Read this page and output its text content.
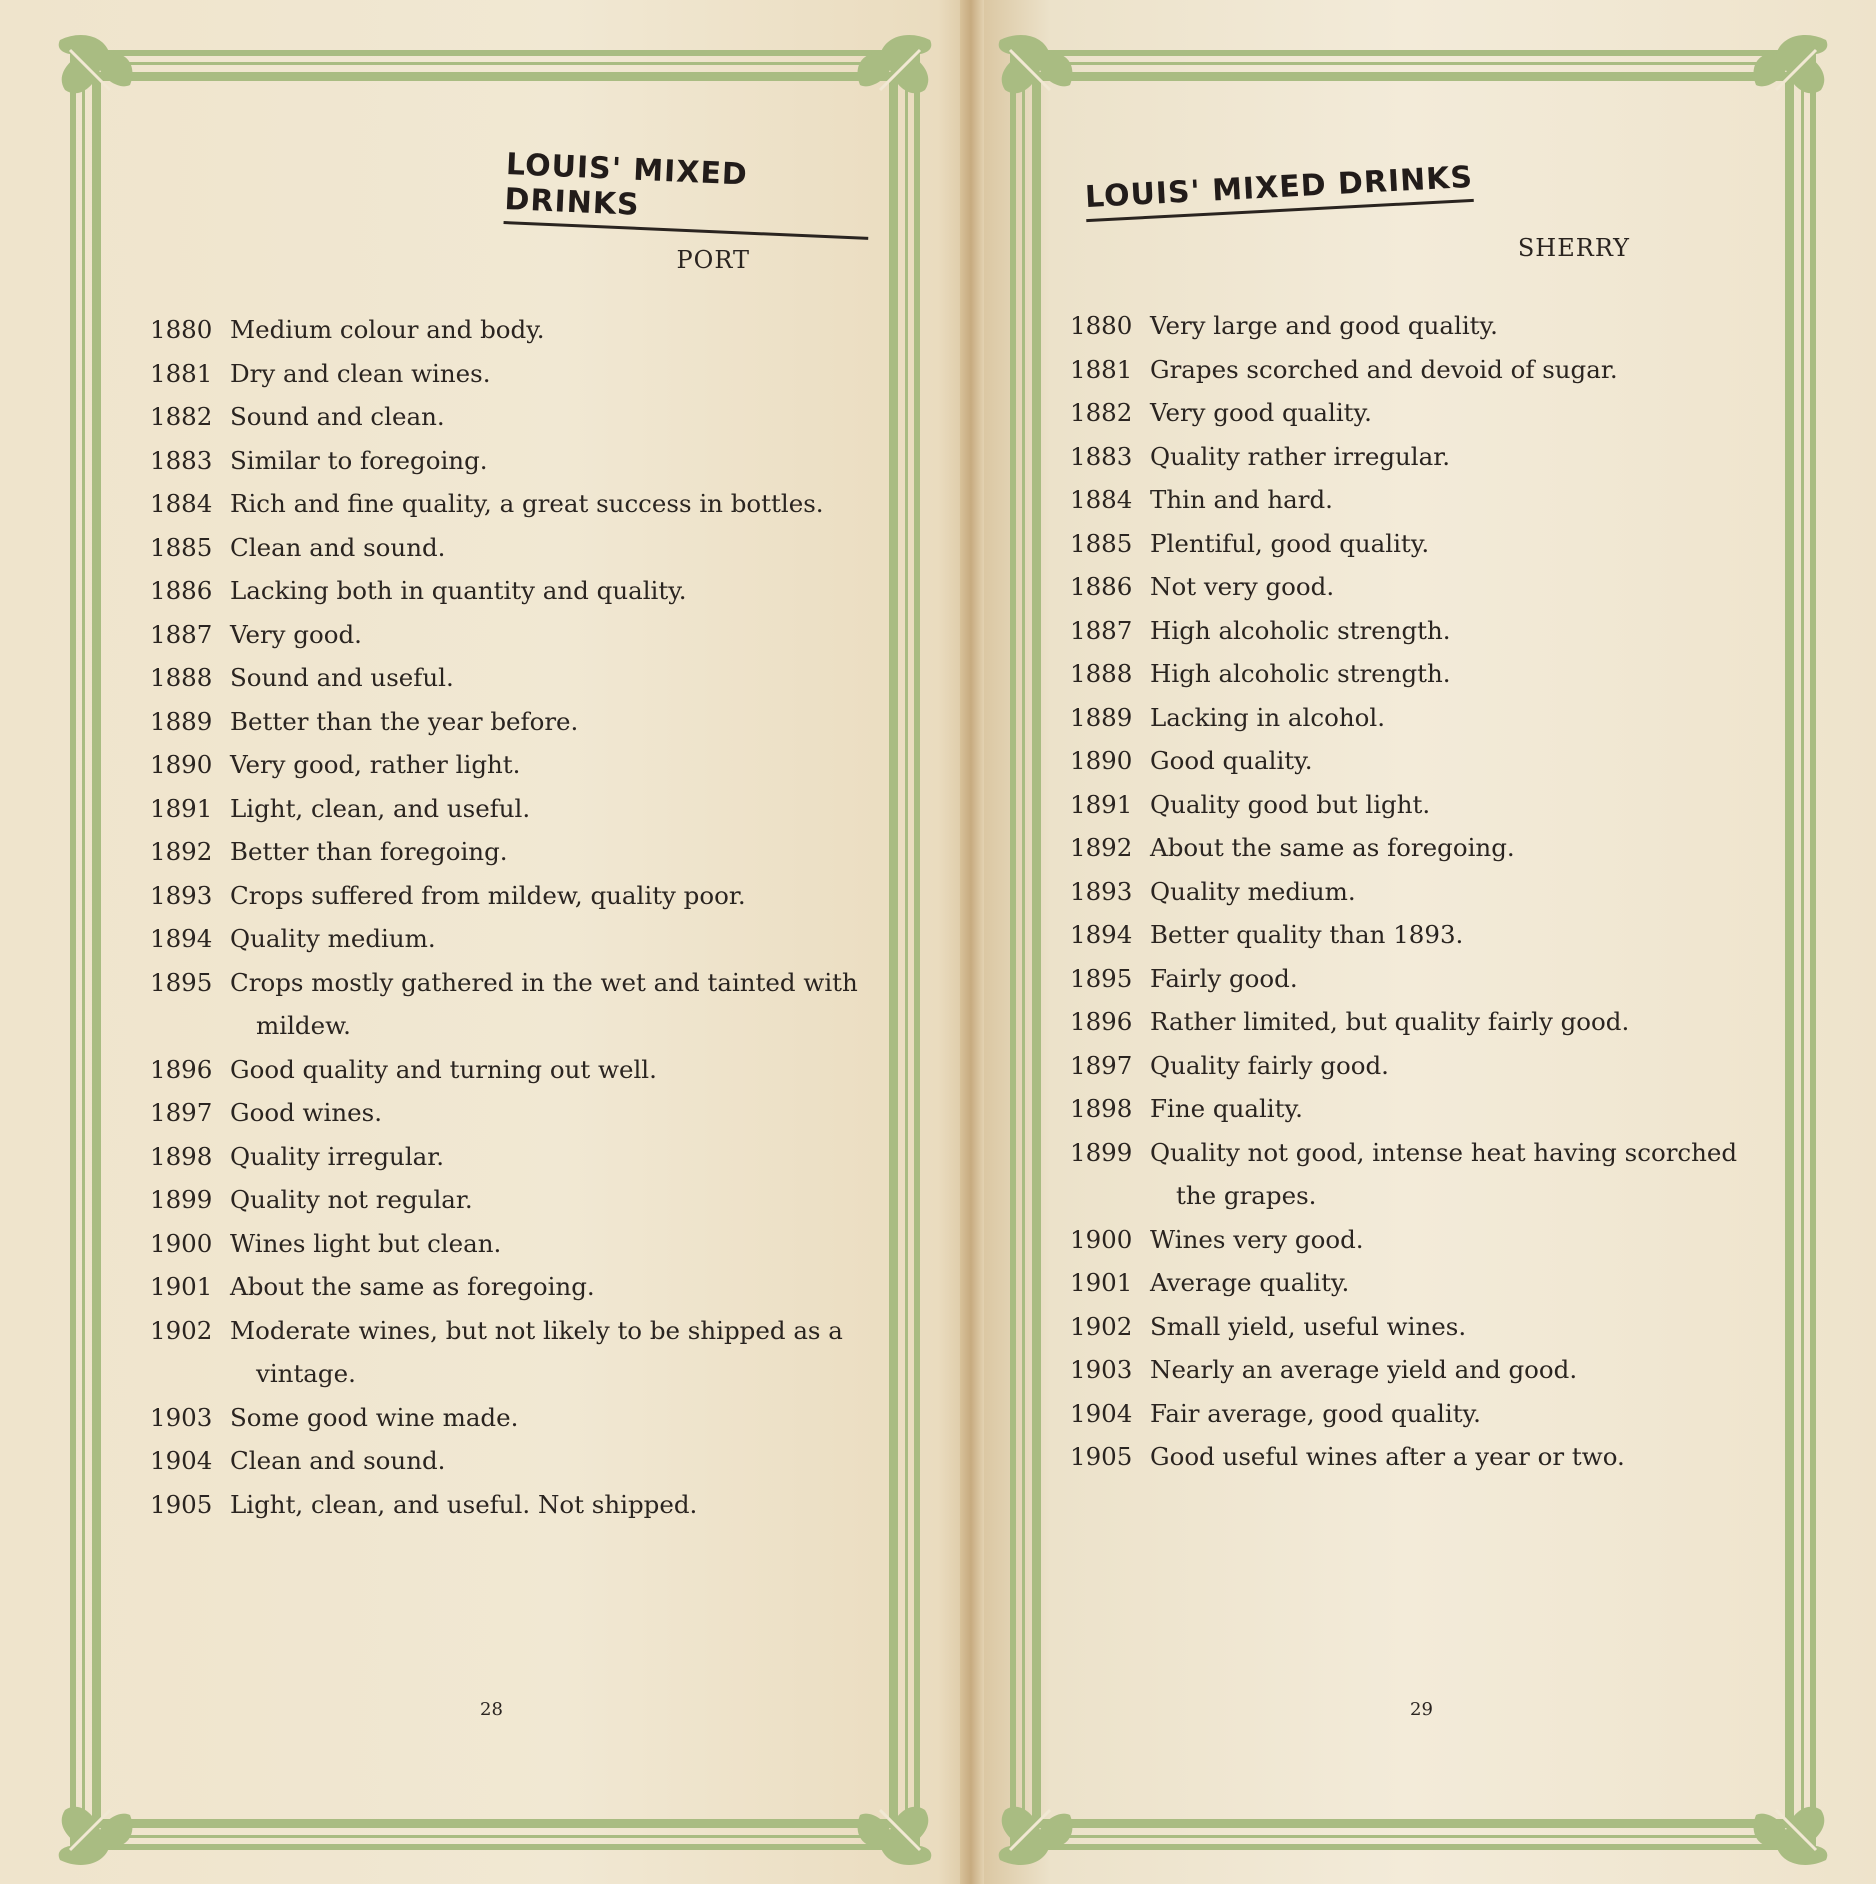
LOUIS' MIXED DRINKS
PORT
1880 Medium colour and body.
1881 Dry and clean wines.
1882 Sound and clean.
1883 Similar to foregoing.
1884 Rich and fine quality, a great success in bottles.
1885 Clean and sound.
1886 Lacking both in quantity and quality.
1887 Very good.
1888 Sound and useful.
1889 Better than the year before.
1890 Very good, rather light.
1891 Light, clean, and useful.
1892 Better than foregoing.
1893 Crops suffered from mildew, quality poor.
1894 Quality medium.
1895 Crops mostly gathered in the wet and tainted with
mildew.
1896 Good quality and turning out well.
1897 Good wines.
1898 Quality irregular.
1899 Quality not regular.
1900 Wines light but clean.
1901 About the same as foregoing.
1902 Moderate wines, but not likely to be shipped as a
vintage.
1903 Some good wine made.
1904 Clean and sound.
1905 Light, clean, and useful. Not shipped.
28
LOUIS' MIXED DRINKS
SHERRY
1880 Very large and good quality.
1881 Grapes scorched and devoid of sugar.
1882 Very good quality.
1883 Quality rather irregular.
1884 Thin and hard.
1885 Plentiful, good quality.
1886 Not very good.
1887 High alcoholic strength.
1888 High alcoholic strength.
1889 Lacking in alcohol.
1890 Good quality.
1891 Quality good but light.
1892 About the same as foregoing.
1893 Quality medium.
1894 Better quality than 1893.
1895 Fairly good.
1896 Rather limited, but quality fairly good.
1897 Quality fairly good.
1898 Fine quality.
1899 Quality not good, intense heat having scorched
the grapes.
1900 Wines very good.
1901 Average quality.
1902 Small yield, useful wines.
1903 Nearly an average yield and good.
1904 Fair average, good quality.
1905 Good useful wines after a year or two.
29
